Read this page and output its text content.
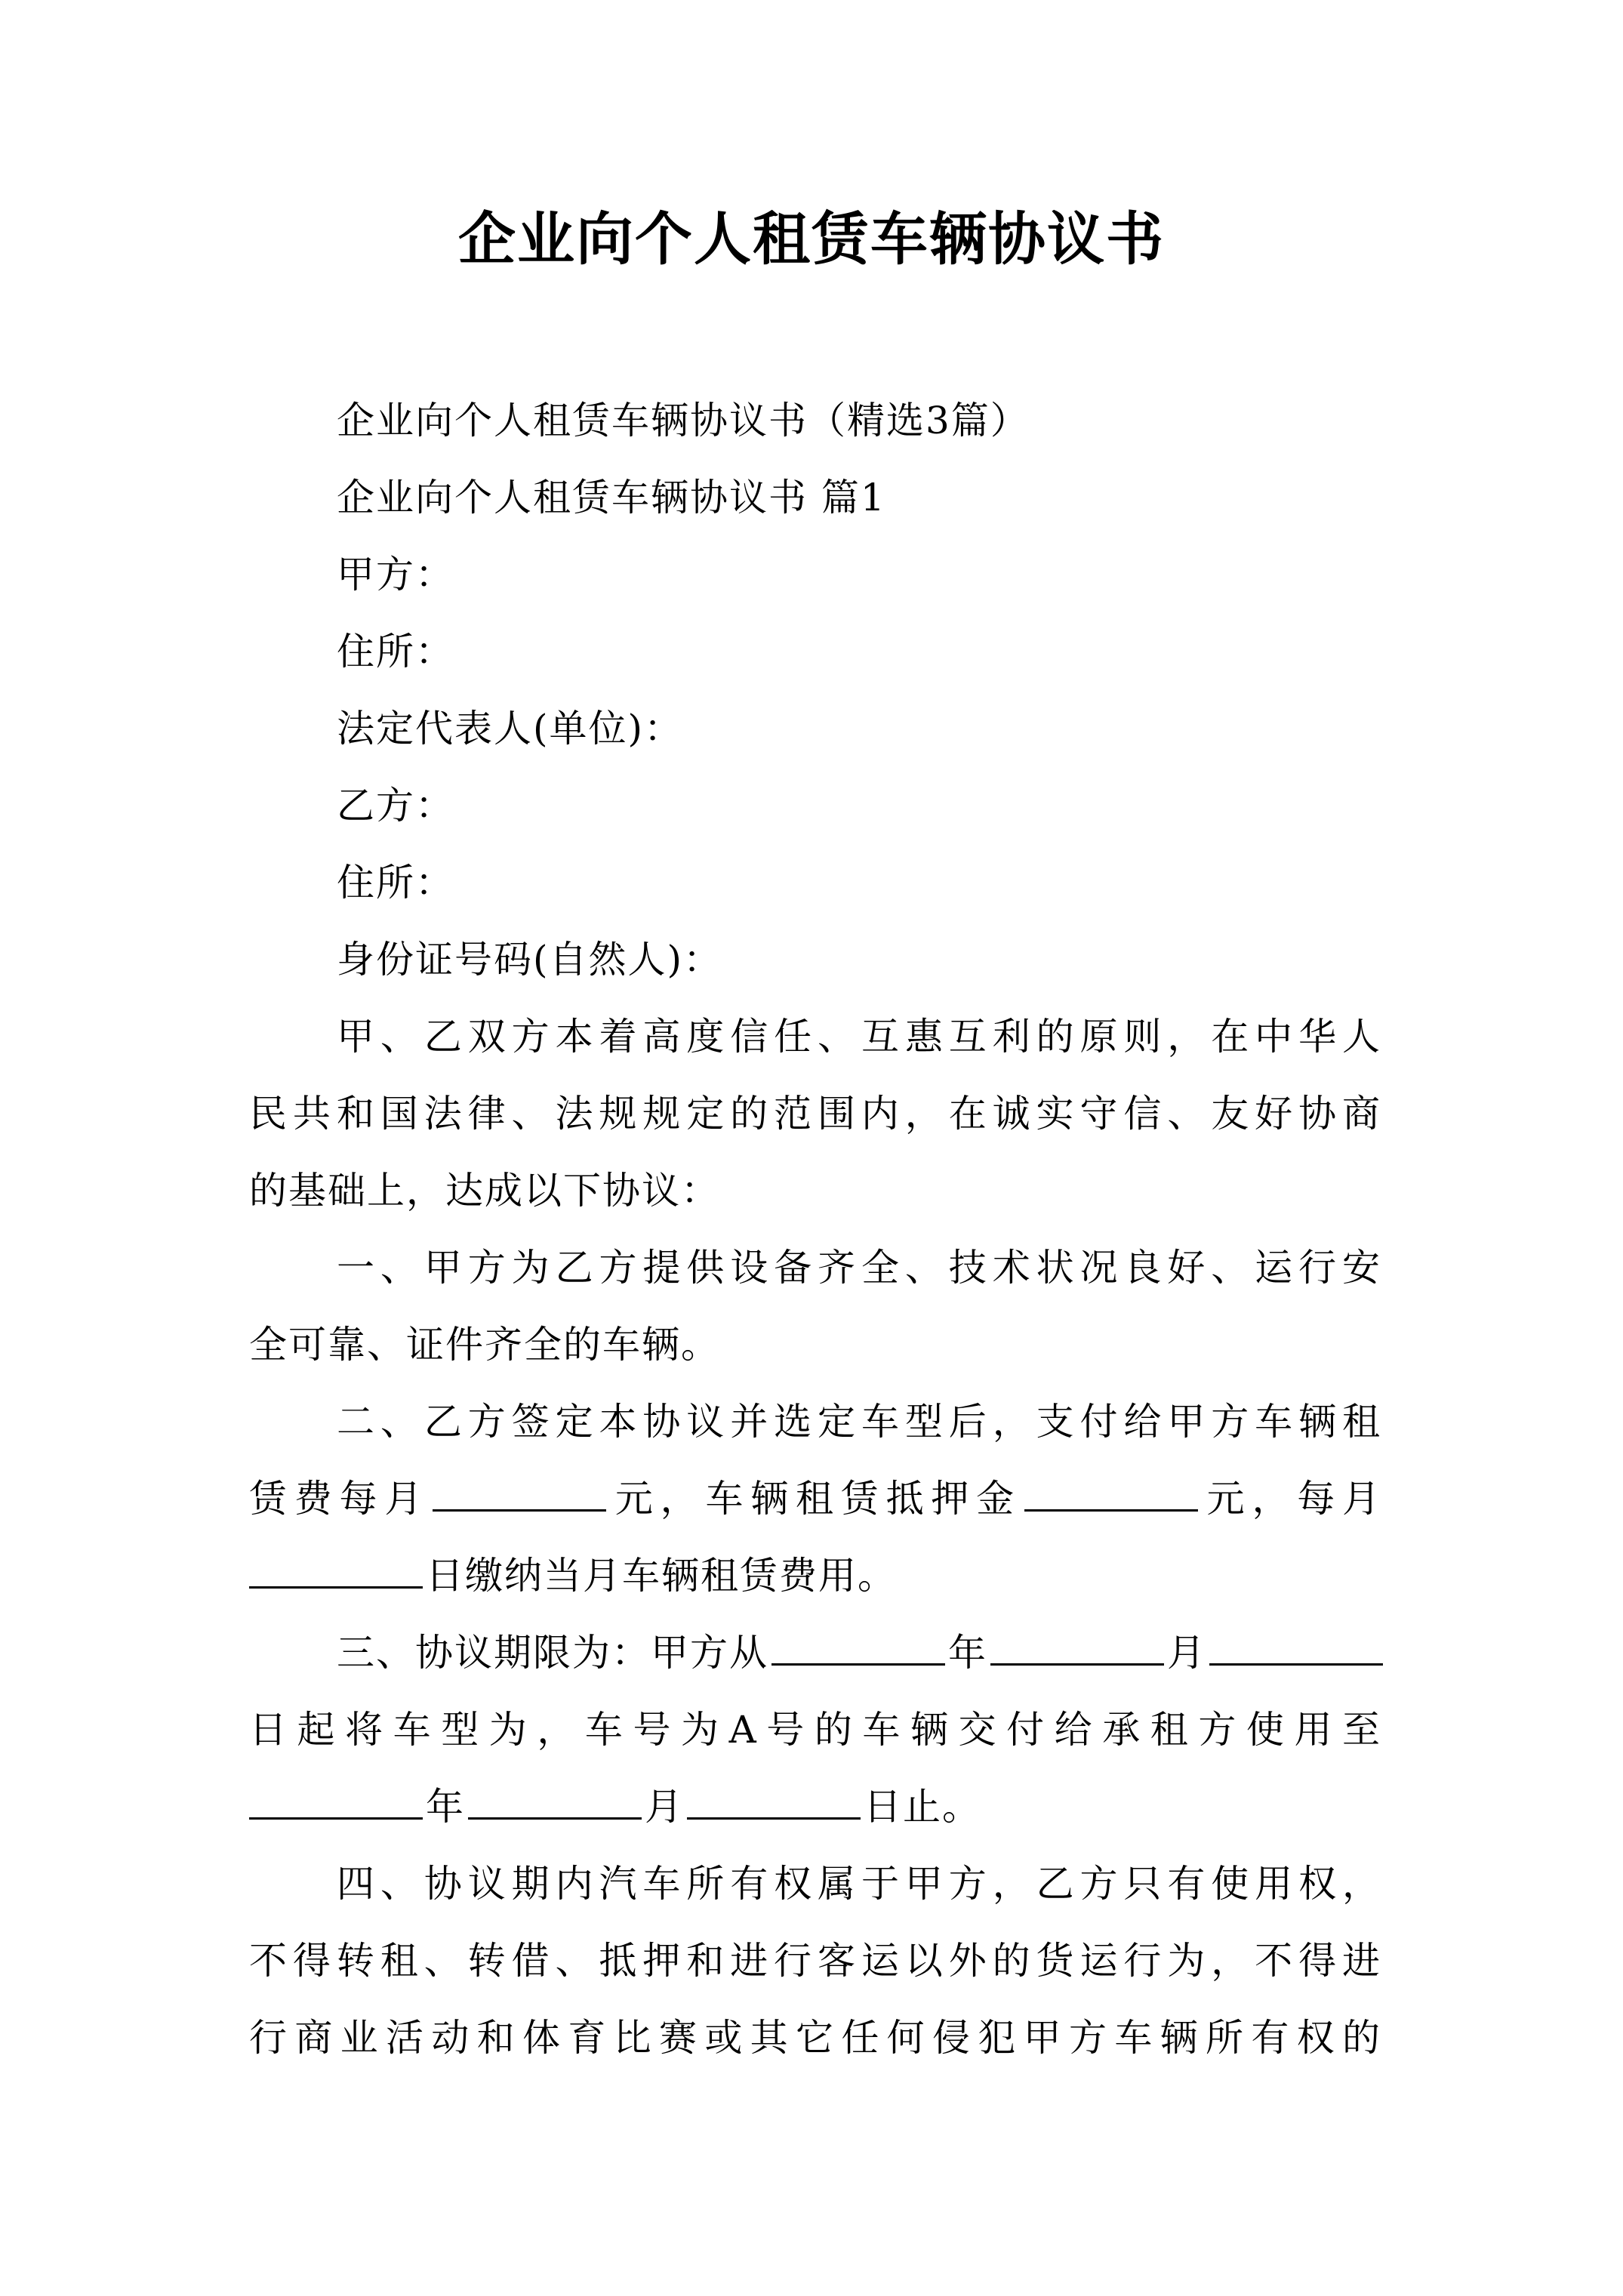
企业向个人租赁车辆协议书
企业向个人租赁车辆协议书（精选3篇）
企业向个人租赁车辆协议书 篇1
甲方：
住所：
法定代表人(单位)：
乙方：
住所：
身份证号码(自然人)：
甲、乙双方本着高度信任、互惠互利的原则，在中华人
民共和国法律、法规规定的范围内，在诚实守信、友好协商
的基础上，达成以下协议：
一、甲方为乙方提供设备齐全、技术状况良好、运行安
全可靠、证件齐全的车辆。
二、乙方签定本协议并选定车型后，支付给甲方车辆租
赁费每月	元，车辆租赁抵押金	元，每月
日缴纳当月车辆租赁费用。
三、协议期限为：甲方从	年	月
日起将车型为，车号为A号的车辆交付给承租方使用至
年	月	日止。
四、协议期内汽车所有权属于甲方，乙方只有使用权，
不得转租、转借、抵押和进行客运以外的货运行为，不得进
行商业活动和体育比赛或其它任何侵犯甲方车辆所有权的
